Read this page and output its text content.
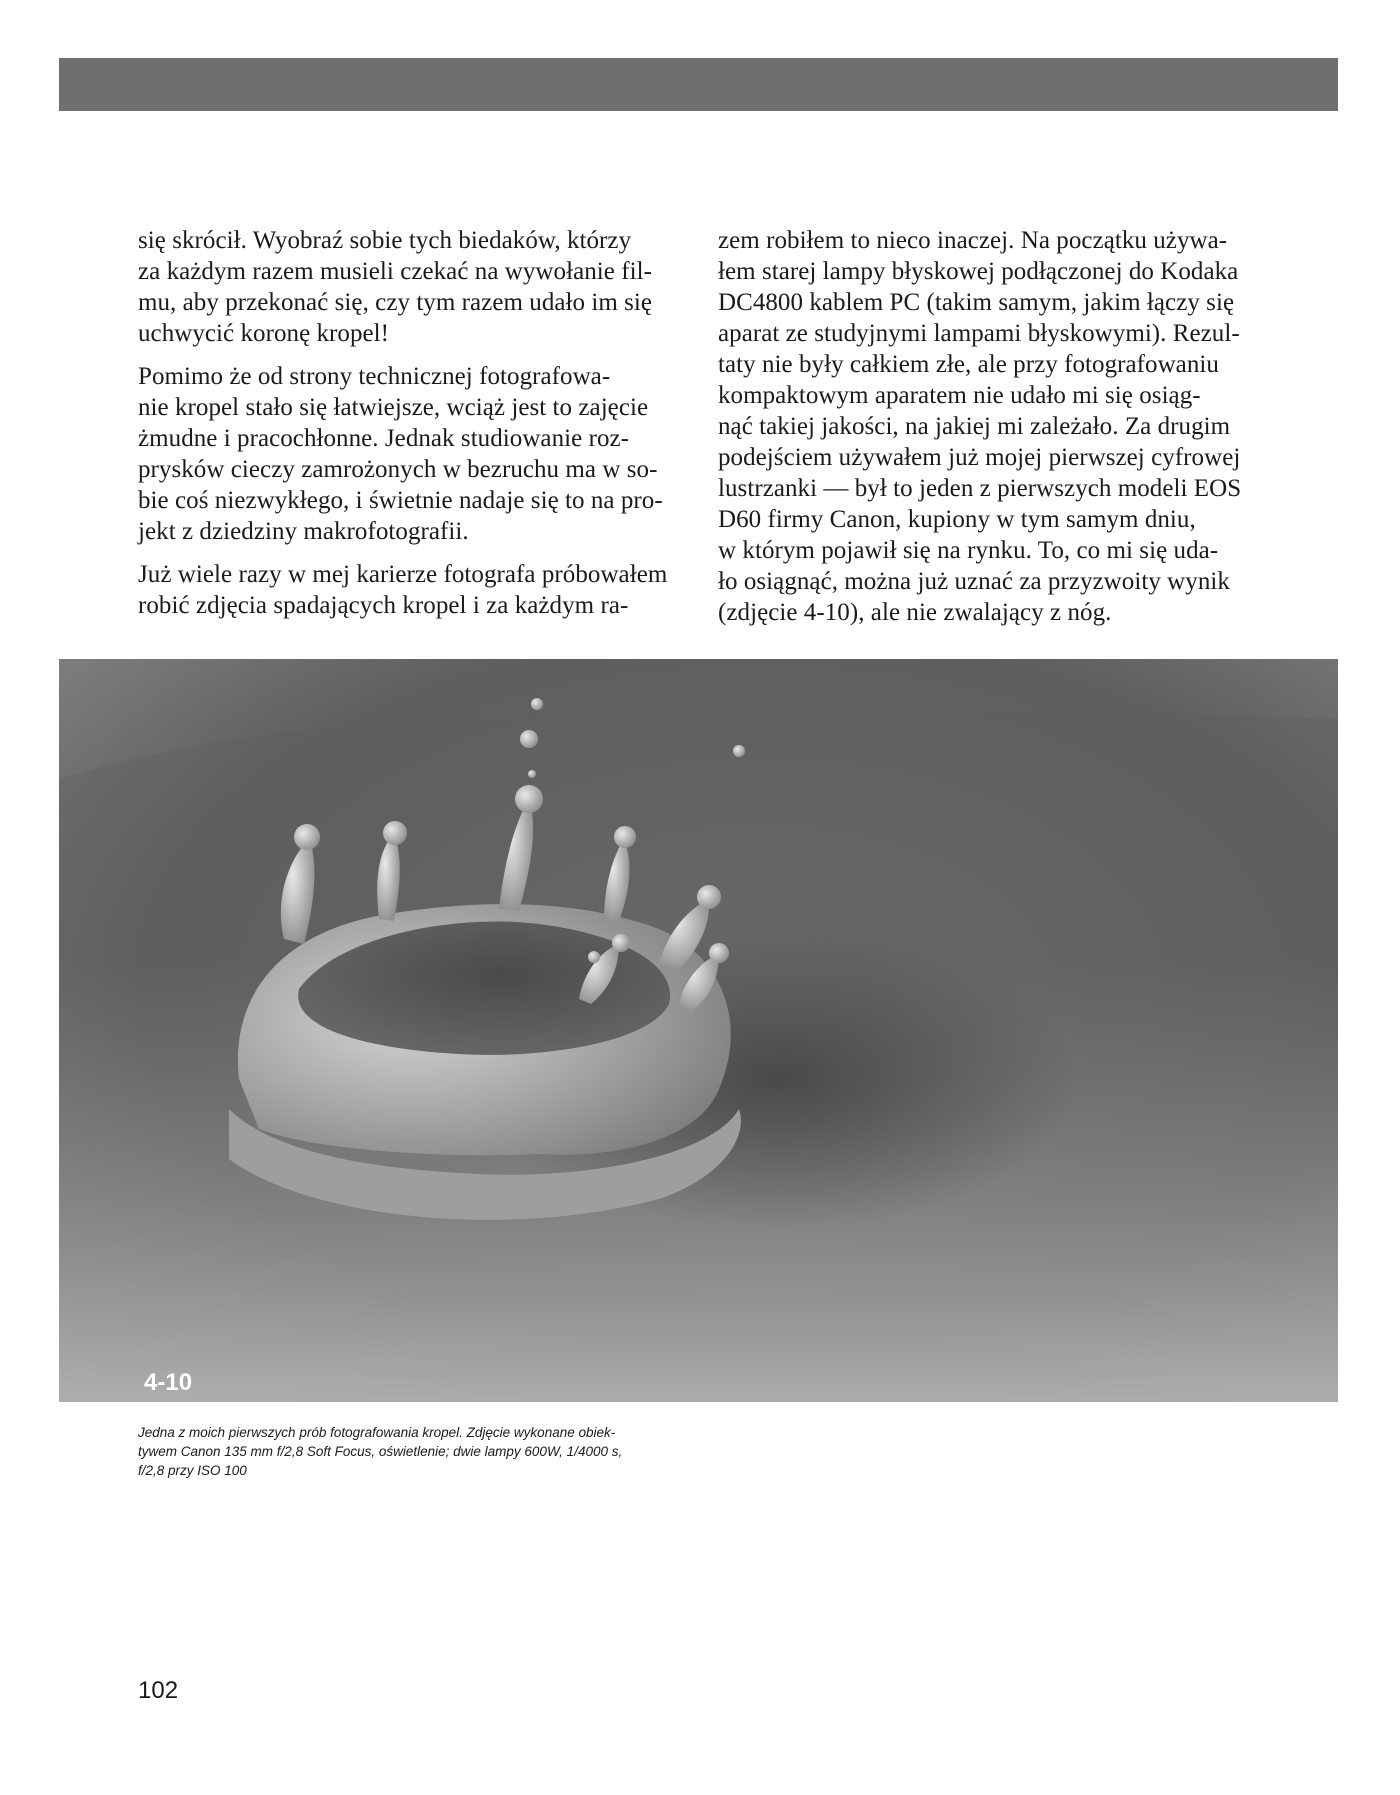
się skrócił. Wyobraź sobie tych biedaków, którzy
za każdym razem musieli czekać na wywołanie fil-
mu, aby przekonać się, czy tym razem udało im się
uchwycić koronę kropel!

Pomimo że od strony technicznej fotografowa-
nie kropel stało się łatwiejsze, wciąż jest to zajęcie
żmudne i pracochłonne. Jednak studiowanie roz-
prysków cieczy zamrożonych w bezruchu ma w so-
bie coś niezwykłego, i świetnie nadaje się to na pro-
jekt z dziedziny makrofotografii.

Już wiele razy w mej karierze fotografa próbowałem
robić zdjęcia spadających kropel i za każdym ra-

zem robiłem to nieco inaczej. Na początku używa-
łem starej lampy błyskowej podłączonej do Kodaka
DC4800 kablem PC (takim samym, jakim łączy się
aparat ze studyjnymi lampami błyskowymi). Rezul-
taty nie były całkiem złe, ale przy fotografowaniu
kompaktowym aparatem nie udało mi się osiąg-
nąć takiej jakości, na jakiej mi zależało. Za drugim
podejściem używałem już mojej pierwszej cyfrowej
lustrzanki — był to jeden z pierwszych modeli EOS
D60 firmy Canon, kupiony w tym samym dniu,
w którym pojawił się na rynku. To, co mi się uda-
ło osiągnąć, można już uznać za przyzwoity wynik
(zdjęcie 4-10), ale nie zwalający z nóg.

4-10
Jedna z moich pierwszych prób fotografowania kropel. Zdjęcie wykonane obiek-
tywem Canon 135 mm f/2,8 Soft Focus, oświetlenie; dwie lampy 600W, 1/4000 s,
f/2,8 przy ISO 100
102
